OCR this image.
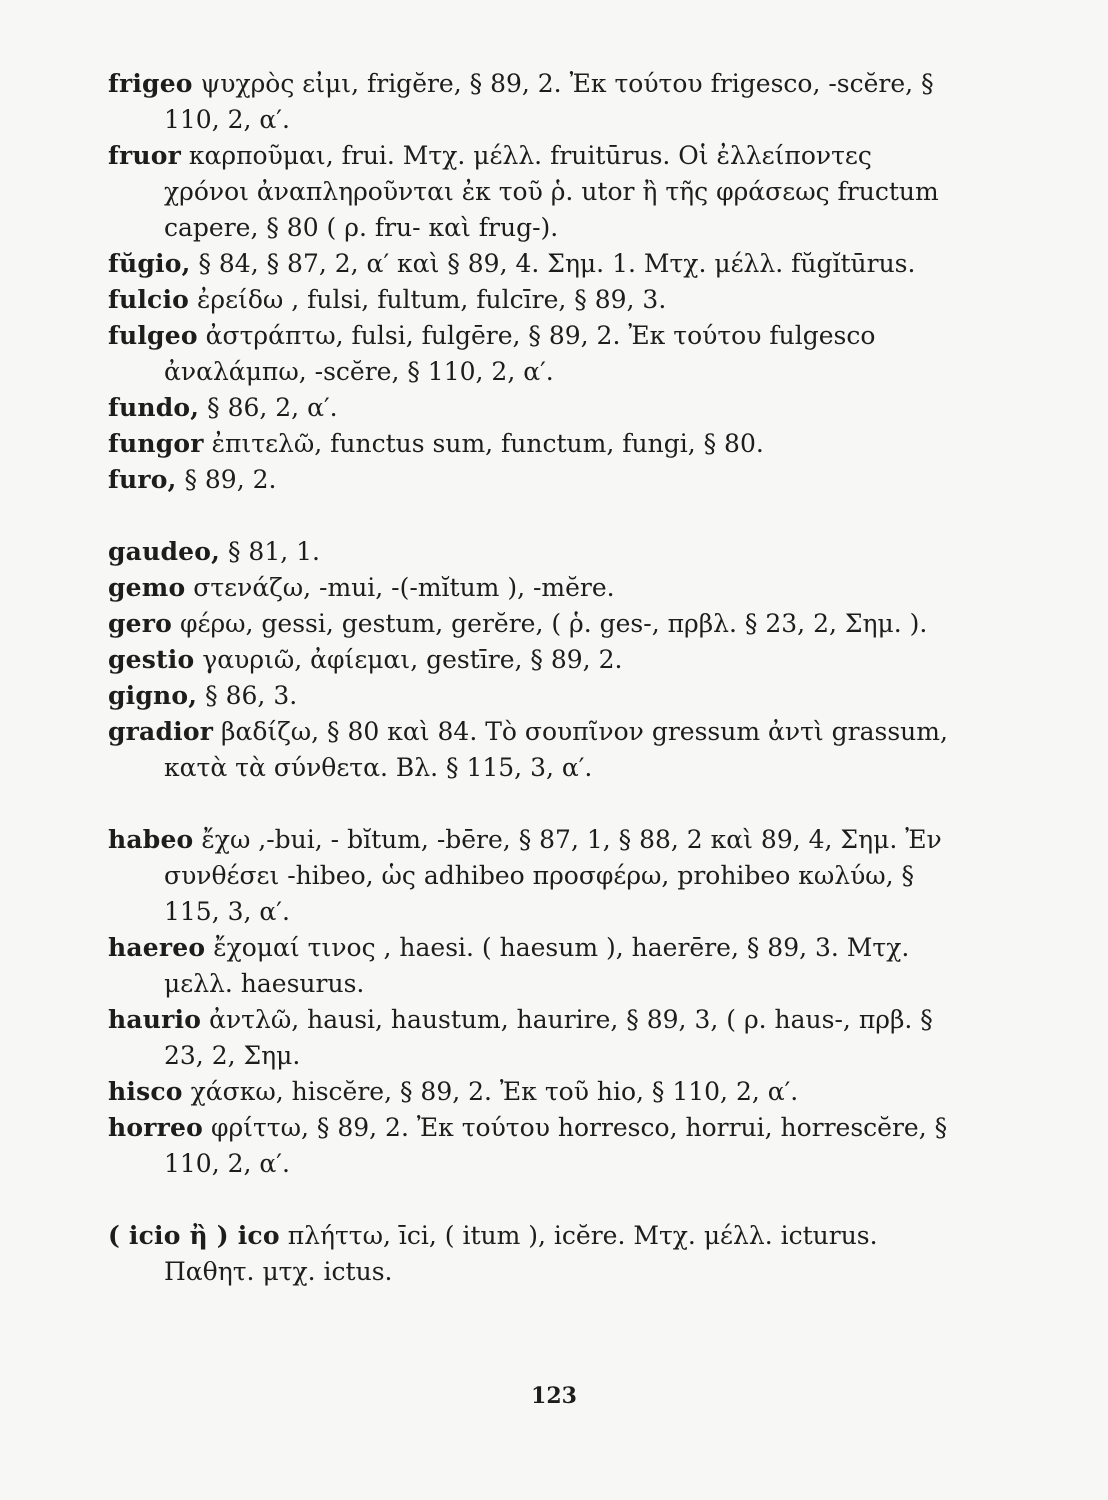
frigeo ψυχρὸς εἰμι, frigĕre, § 89, 2. Ἐκ τούτου frigesco, -scĕre, § 110, 2, α′.

fruor καρποῦμαι, frui. Μτχ. μέλλ. fruitūrus. Οἱ ἐλλείποντες χρόνοι ἀναπληροῦνται ἐκ τοῦ ῥ. utor ἢ τῆς φράσεως fructum capere, § 80 ( ρ. fru- καὶ frug-).

fŭgio, § 84, § 87, 2, α′ καὶ § 89, 4. Σημ. 1. Μτχ. μέλλ. fŭgĭtūrus.

fulcio ἐρείδω , fulsi, fultum, fulcīre, § 89, 3.

fulgeo ἀστράπτω, fulsi, fulgēre, § 89, 2. Ἐκ τούτου fulgesco ἀναλάμπω, -scĕre, § 110, 2, α′.

fundo, § 86, 2, α′.

fungor ἐπιτελῶ, functus sum, functum, fungi, § 80.

furo, § 89, 2.

gaudeo, § 81, 1.

gemo στενάζω, -mui, -(-mĭtum ), -mĕre.

gero φέρω, gessi, gestum, gerĕre, ( ῥ. ges-, πρβλ. § 23, 2, Σημ. ).

gestio γαυριῶ, ἀφίεμαι, gestīre, § 89, 2.

gigno, § 86, 3.

gradior βαδίζω, § 80 καὶ 84. Τὸ σουπῖνον gressum ἀντὶ grassum, κατὰ τὰ σύνθετα. Βλ. § 115, 3, α′.

habeo ἔχω ,-bui, - bĭtum, -bēre, § 87, 1, § 88, 2 καὶ 89, 4, Σημ. Ἐν συνθέσει -hibeo, ὡς adhibeo προσφέρω, prohibeo κωλύω, § 115, 3, α′.

haereo ἔχομαί τινος , haesi. ( haesum ), haerēre, § 89, 3. Μτχ. μελλ. haesurus.

haurio ἀντλῶ, hausi, haustum, haurire, § 89, 3, ( ρ. haus-, πρβ. § 23, 2, Σημ.

hisco χάσκω, hiscĕre, § 89, 2. Ἐκ τοῦ hio, § 110, 2, α′.

horreo φρίττω, § 89, 2. Ἐκ τούτου horresco, horrui, horrescĕre, § 110, 2, α′.

( icio ἢ ) ico πλήττω, īci, ( itum ), icĕre. Μτχ. μέλλ. icturus. Παθητ. μτχ. ictus.

123
